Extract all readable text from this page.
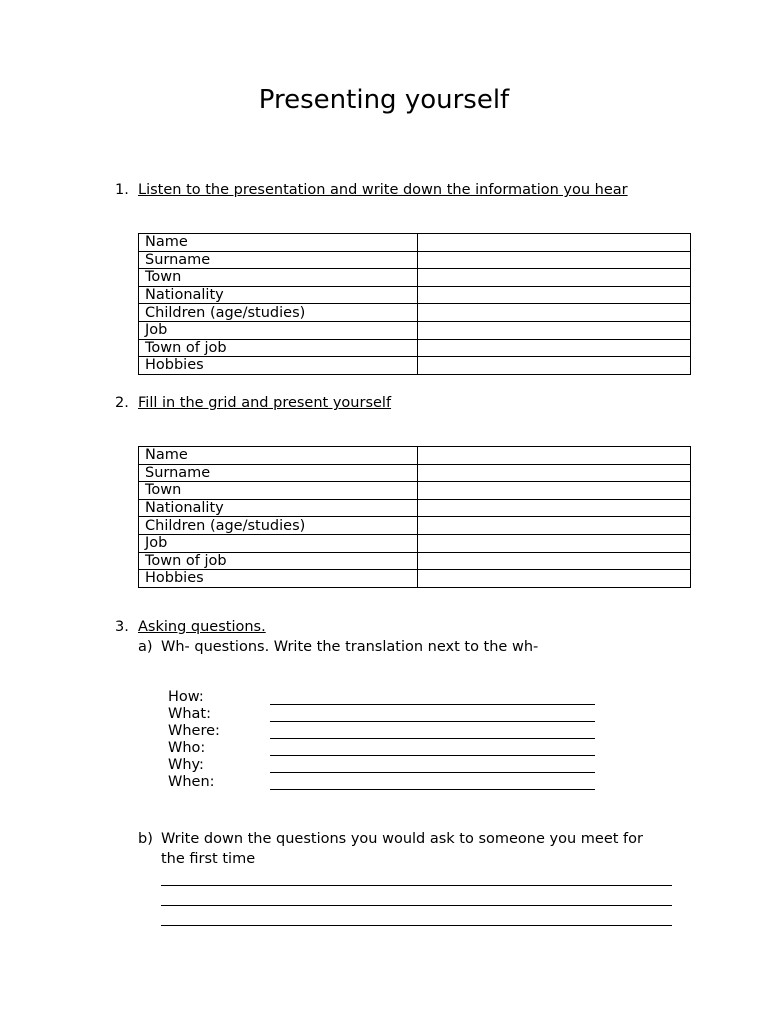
Presenting yourself
1. Listen to the presentation and write down the information you hear
Name	
Surname	
Town	
Nationality	
Children (age/studies)	
Job	
Town of job	
Hobbies	
2. Fill in the grid and present yourself
Name	
Surname	
Town	
Nationality	
Children (age/studies)	
Job	
Town of job	
Hobbies	
3. Asking questions.
a) Wh- questions. Write the translation next to the wh-
How:
What:
Where:
Who:
Why:
When:
b) Write down the questions you would ask to someone you meet for
the first time
